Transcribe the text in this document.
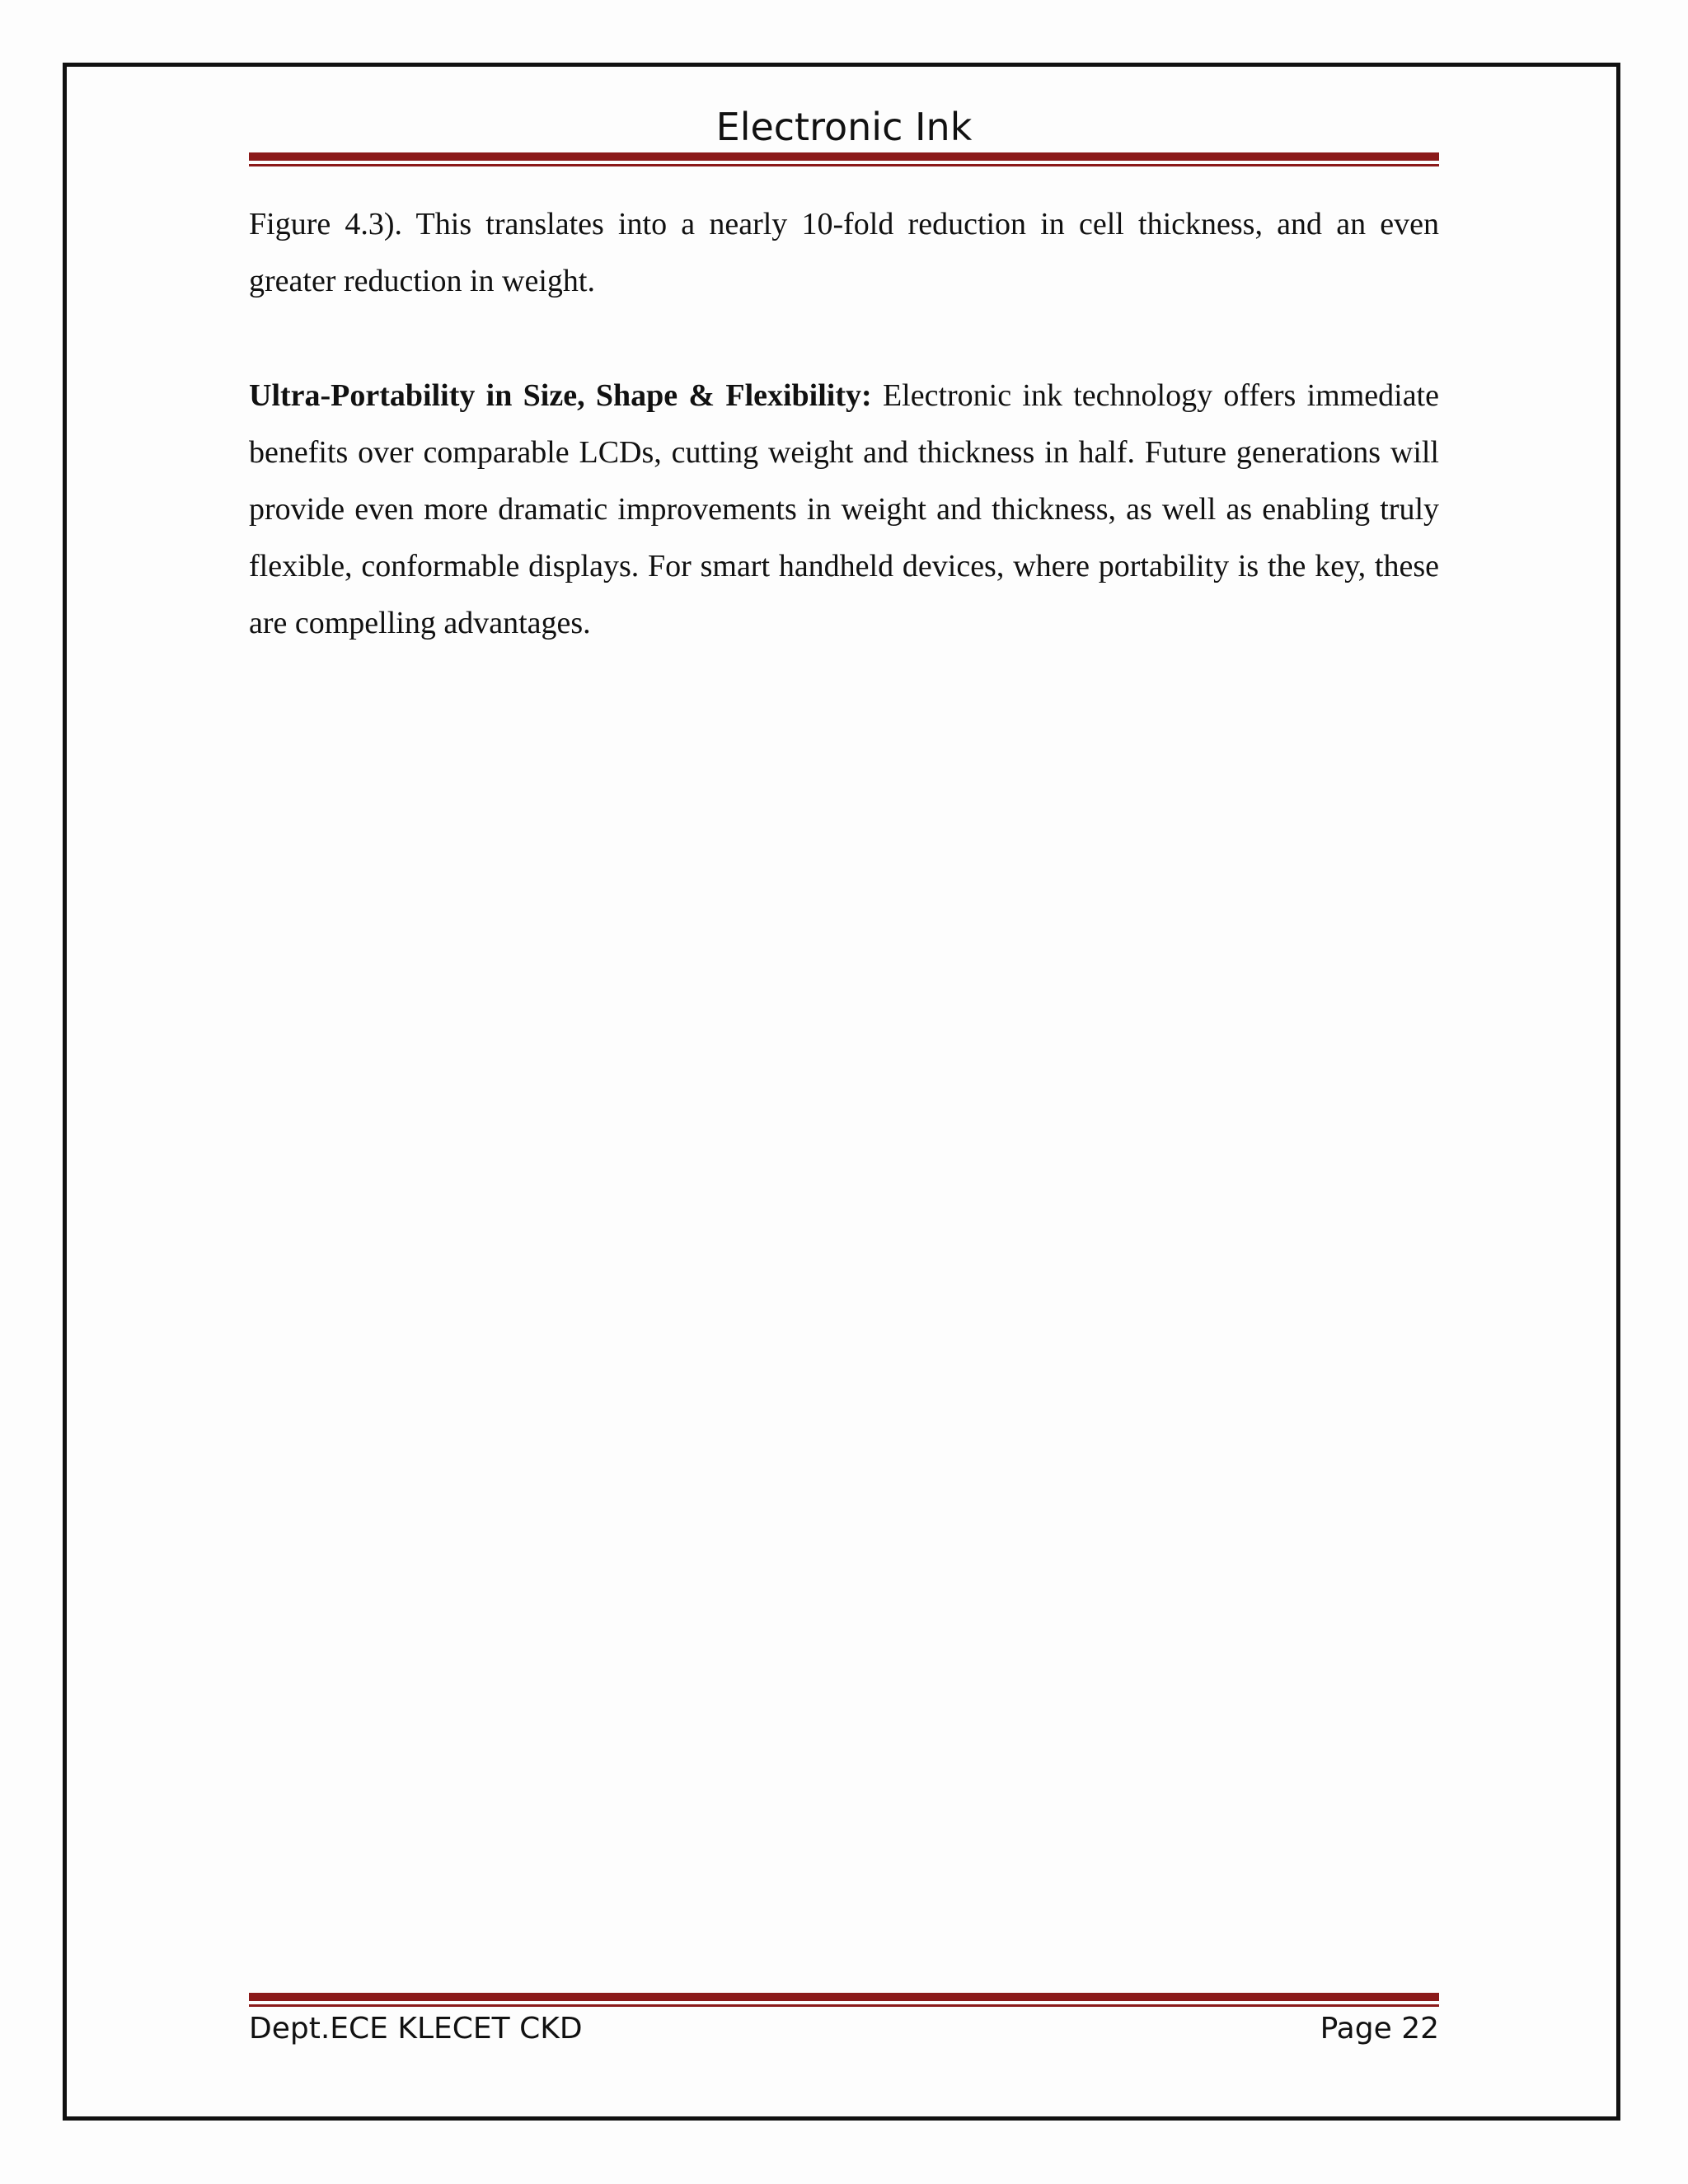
Electronic Ink

Figure 4.3). This translates into a nearly 10-fold reduction in cell thickness, and an even greater reduction in weight.

Ultra-Portability in Size, Shape & Flexibility: Electronic ink technology offers immediate benefits over comparable LCDs, cutting weight and thickness in half. Future generations will provide even more dramatic improvements in weight and thickness, as well as enabling truly flexible, conformable displays. For smart handheld devices, where portability is the key, these are compelling advantages.

Dept.ECE KLECET CKD	Page 22
